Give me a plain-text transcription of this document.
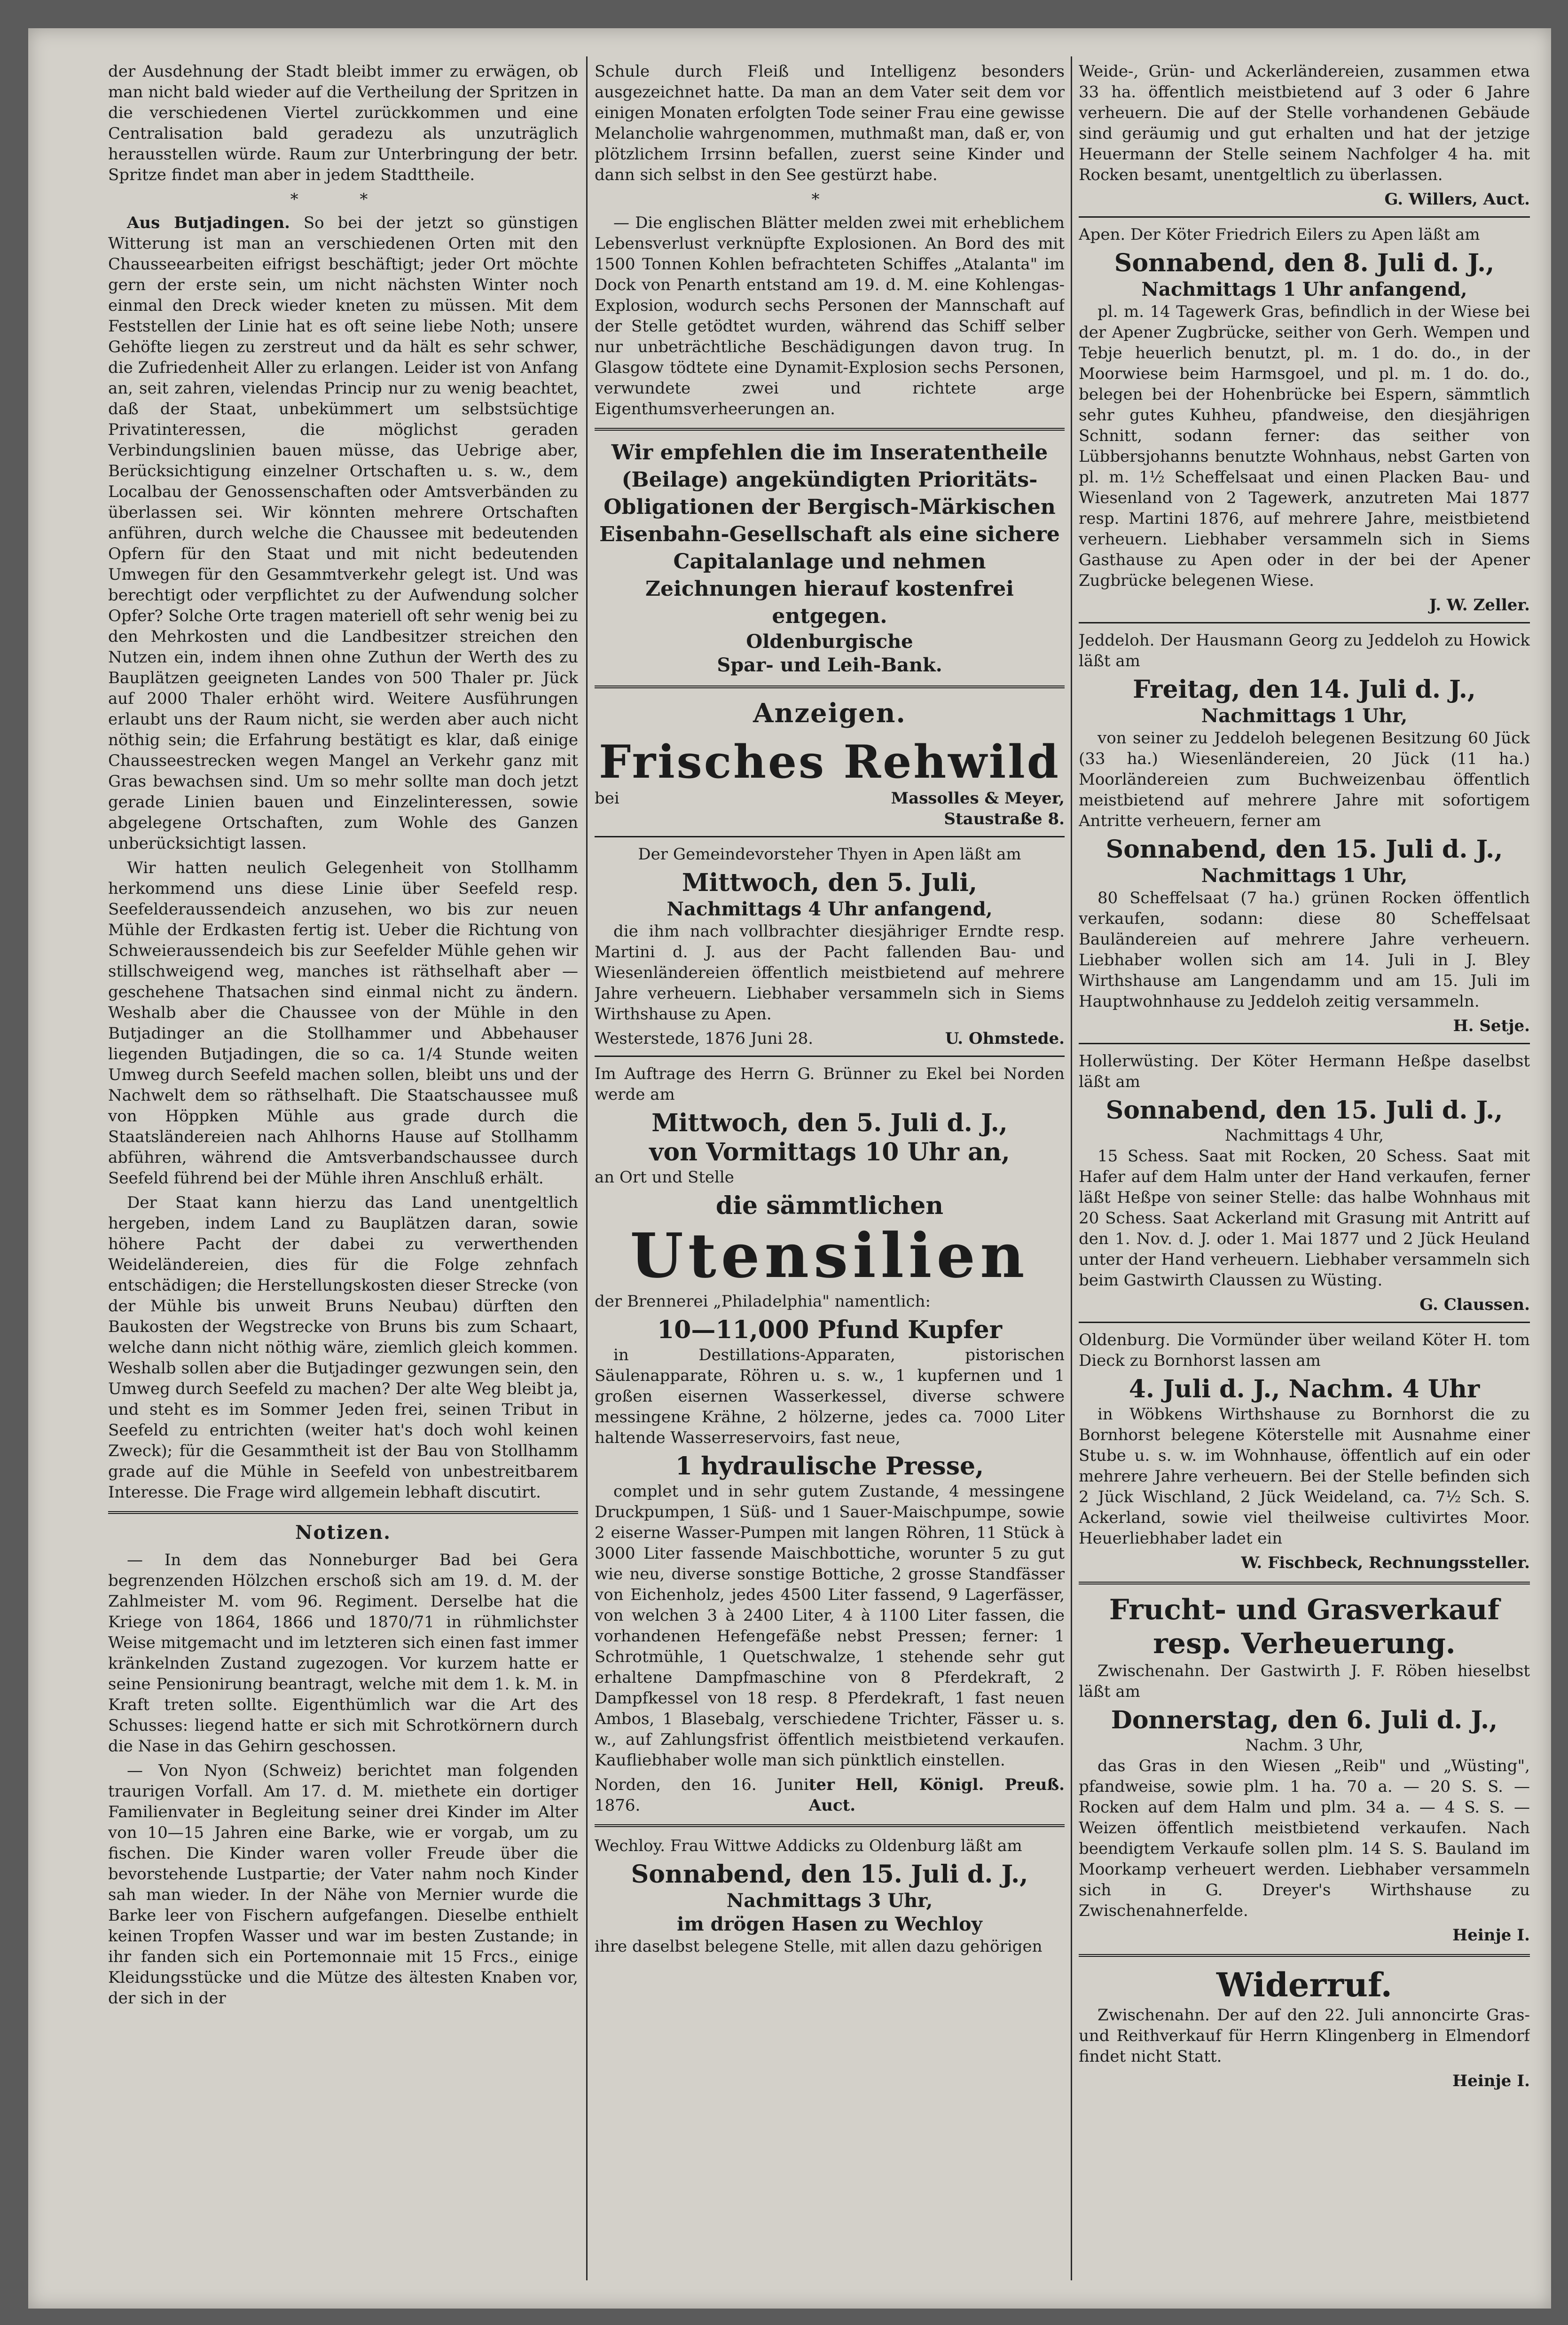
der Ausdehnung der Stadt bleibt immer zu erwägen, ob man nicht bald wieder auf die Vertheilung der Spritzen in die verschiedenen Viertel zurückkommen und eine Centralisation bald geradezu als unzuträglich herausstellen würde. Raum zur Unterbringung der betr. Spritze findet man aber in jedem Stadttheile.

* *

Aus Butjadingen. So bei der jetzt so günstigen Witterung ist man an verschiedenen Orten mit den Chausseearbeiten eifrigst beschäftigt; jeder Ort möchte gern der erste sein, um nicht nächsten Winter noch einmal den Dreck wieder kneten zu müssen. Mit dem Feststellen der Linie hat es oft seine liebe Noth; unsere Gehöfte liegen zu zerstreut und da hält es sehr schwer, die Zufriedenheit Aller zu erlangen. Leider ist von Anfang an, seit zahren, vielendas Princip nur zu wenig beachtet, daß der Staat, unbekümmert um selbstsüchtige Privatinteressen, die möglichst geraden Verbindungslinien bauen müsse, das Uebrige aber, Berücksichtigung einzelner Ortschaften u. s. w., dem Localbau der Genossenschaften oder Amtsverbänden zu überlassen sei. Wir könnten mehrere Ortschaften anführen, durch welche die Chaussee mit bedeutenden Opfern für den Staat und mit nicht bedeutenden Umwegen für den Gesammtverkehr gelegt ist. Und was berechtigt oder verpflichtet zu der Aufwendung solcher Opfer? Solche Orte tragen materiell oft sehr wenig bei zu den Mehrkosten und die Landbesitzer streichen den Nutzen ein, indem ihnen ohne Zuthun der Werth des zu Bauplätzen geeigneten Landes von 500 Thaler pr. Jück auf 2000 Thaler erhöht wird. Weitere Ausführungen erlaubt uns der Raum nicht, sie werden aber auch nicht nöthig sein; die Erfahrung bestätigt es klar, daß einige Chausseestrecken wegen Mangel an Verkehr ganz mit Gras bewachsen sind. Um so mehr sollte man doch jetzt gerade Linien bauen und Einzelinteressen, sowie abgelegene Ortschaften, zum Wohle des Ganzen unberücksichtigt lassen.

Wir hatten neulich Gelegenheit von Stollhamm herkommend uns diese Linie über Seefeld resp. Seefelderaussendeich anzusehen, wo bis zur neuen Mühle der Erdkasten fertig ist. Ueber die Richtung von Schweieraussendeich bis zur Seefelder Mühle gehen wir stillschweigend weg, manches ist räthselhaft aber — geschehene Thatsachen sind einmal nicht zu ändern. Weshalb aber die Chaussee von der Mühle in den Butjadinger an die Stollhammer und Abbehauser liegenden Butjadingen, die so ca. 1/4 Stunde weiten Umweg durch Seefeld machen sollen, bleibt uns und der Nachwelt dem so räthselhaft. Die Staatschaussee muß von Höppken Mühle aus grade durch die Staatsländereien nach Ahlhorns Hause auf Stollhamm abführen, während die Amtsverbandschaussee durch Seefeld führend bei der Mühle ihren Anschluß erhält.

Der Staat kann hierzu das Land unentgeltlich hergeben, indem Land zu Bauplätzen daran, sowie höhere Pacht der dabei zu verwerthenden Weideländereien, dies für die Folge zehnfach entschädigen; die Herstellungskosten dieser Strecke (von der Mühle bis unweit Bruns Neubau) dürften den Baukosten der Wegstrecke von Bruns bis zum Schaart, welche dann nicht nöthig wäre, ziemlich gleich kommen. Weshalb sollen aber die Butjadinger gezwungen sein, den Umweg durch Seefeld zu machen? Der alte Weg bleibt ja, und steht es im Sommer Jeden frei, seinen Tribut in Seefeld zu entrichten (weiter hat's doch wohl keinen Zweck); für die Gesammtheit ist der Bau von Stollhamm grade auf die Mühle in Seefeld von unbestreitbarem Interesse. Die Frage wird allgemein lebhaft discutirt.

Notizen.

— In dem das Nonneburger Bad bei Gera begrenzenden Hölzchen erschoß sich am 19. d. M. der Zahlmeister M. vom 96. Regiment. Derselbe hat die Kriege von 1864, 1866 und 1870/71 in rühmlichster Weise mitgemacht und im letzteren sich einen fast immer kränkelnden Zustand zugezogen. Vor kurzem hatte er seine Pensionirung beantragt, welche mit dem 1. k. M. in Kraft treten sollte. Eigenthümlich war die Art des Schusses: liegend hatte er sich mit Schrotkörnern durch die Nase in das Gehirn geschossen.

— Von Nyon (Schweiz) berichtet man folgenden traurigen Vorfall. Am 17. d. M. miethete ein dortiger Familienvater in Begleitung seiner drei Kinder im Alter von 10—15 Jahren eine Barke, wie er vorgab, um zu fischen. Die Kinder waren voller Freude über die bevorstehende Lustpartie; der Vater nahm noch Kinder sah man wieder. In der Nähe von Mernier wurde die Barke leer von Fischern aufgefangen. Dieselbe enthielt keinen Tropfen Wasser und war im besten Zustande; in ihr fanden sich ein Portemonnaie mit 15 Frcs., einige Kleidungsstücke und die Mütze des ältesten Knaben vor, der sich in der

Schule durch Fleiß und Intelligenz besonders ausgezeichnet hatte. Da man an dem Vater seit dem vor einigen Monaten erfolgten Tode seiner Frau eine gewisse Melancholie wahrgenommen, muthmaßt man, daß er, von plötzlichem Irrsinn befallen, zuerst seine Kinder und dann sich selbst in den See gestürzt habe.

*

— Die englischen Blätter melden zwei mit erheblichem Lebensverlust verknüpfte Explosionen. An Bord des mit 1500 Tonnen Kohlen befrachteten Schiffes „Atalanta" im Dock von Penarth entstand am 19. d. M. eine Kohlengas-Explosion, wodurch sechs Personen der Mannschaft auf der Stelle getödtet wurden, während das Schiff selber nur unbeträchtliche Beschädigungen davon trug. In Glasgow tödtete eine Dynamit-Explosion sechs Personen, verwundete zwei und richtete arge Eigenthumsverheerungen an.

Wir empfehlen die im Inseratentheile (Beilage) angekündigten Prioritäts-Obligationen der Bergisch-Märkischen Eisenbahn-Gesellschaft als eine sichere Capitalanlage und nehmen Zeichnungen hierauf kostenfrei entgegen.
Oldenburgische
Spar- und Leih-Bank.
Anzeigen.
Frisches Rehwild
bei	Massolles & Meyer,

Staustraße 8.

Der Gemeindevorsteher Thyen in Apen läßt am

Mittwoch, den 5. Juli,
Nachmittags 4 Uhr anfangend,

die ihm nach vollbrachter diesjähriger Erndte resp. Martini d. J. aus der Pacht fallenden Bau- und Wiesenländereien öffentlich meistbietend auf mehrere Jahre verheuern. Liebhaber versammeln sich in Siems Wirthshause zu Apen.

Westerstede, 1876 Juni 28.	U. Ohmstede.

Im Auftrage des Herrn G. Brünner zu Ekel bei Norden werde am

Mittwoch, den 5. Juli d. J.,
von Vormittags 10 Uhr an,

an Ort und Stelle

die sämmtlichen
Utensilien

der Brennerei „Philadelphia" namentlich:

10—11,000 Pfund Kupfer

in Destillations-Apparaten, pistorischen Säulenapparate, Röhren u. s. w., 1 kupfernen und 1 großen eisernen Wasserkessel, diverse schwere messingene Krähne, 2 hölzerne, jedes ca. 7000 Liter haltende Wasserreservoirs, fast neue,

1 hydraulische Presse,

complet und in sehr gutem Zustande, 4 messingene Druckpumpen, 1 Süß- und 1 Sauer-Maischpumpe, sowie 2 eiserne Wasser-Pumpen mit langen Röhren, 11 Stück à 3000 Liter fassende Maischbottiche, worunter 5 zu gut wie neu, diverse sonstige Bottiche, 2 grosse Standfässer von Eichenholz, jedes 4500 Liter fassend, 9 Lagerfässer, von welchen 3 à 2400 Liter, 4 à 1100 Liter fassen, die vorhandenen Hefengefäße nebst Pressen; ferner: 1 Schrotmühle, 1 Quetschwalze, 1 stehende sehr gut erhaltene Dampfmaschine von 8 Pferdekraft, 2 Dampfkessel von 18 resp. 8 Pferdekraft, 1 fast neuen Ambos, 1 Blasebalg, verschiedene Trichter, Fässer u. s. w., auf Zahlungsfrist öffentlich meistbietend verkaufen. Kaufliebhaber wolle man sich pünktlich einstellen.

Norden, den 16. Juni 1876.
ter Hell, Königl. Preuß. Auct.

Wechloy. Frau Wittwe Addicks zu Oldenburg läßt am

Sonnabend, den 15. Juli d. J.,
Nachmittags 3 Uhr,
im drögen Hasen zu Wechloy

ihre daselbst belegene Stelle, mit allen dazu gehörigen

Weide-, Grün- und Ackerländereien, zusammen etwa 33 ha. öffentlich meistbietend auf 3 oder 6 Jahre verheuern. Die auf der Stelle vorhandenen Gebäude sind geräumig und gut erhalten und hat der jetzige Heuermann der Stelle seinem Nachfolger 4 ha. mit Rocken besamt, unentgeltlich zu überlassen.

G. Willers, Auct.

Apen. Der Köter Friedrich Eilers zu Apen läßt am

Sonnabend, den 8. Juli d. J.,
Nachmittags 1 Uhr anfangend,

pl. m. 14 Tagewerk Gras, befindlich in der Wiese bei der Apener Zugbrücke, seither von Gerh. Wempen und Tebje heuerlich benutzt, pl. m. 1 do. do., in der Moorwiese beim Harmsgoel, und pl. m. 1 do. do., belegen bei der Hohenbrücke bei Espern, sämmtlich sehr gutes Kuhheu, pfandweise, den diesjährigen Schnitt, sodann ferner: das seither von Lübbersjohanns benutzte Wohnhaus, nebst Garten von pl. m. 1½ Scheffelsaat und einen Placken Bau- und Wiesenland von 2 Tagewerk, anzutreten Mai 1877 resp. Martini 1876, auf mehrere Jahre, meistbietend verheuern. Liebhaber versammeln sich in Siems Gasthause zu Apen oder in der bei der Apener Zugbrücke belegenen Wiese.

J. W. Zeller.

Jeddeloh. Der Hausmann Georg zu Jeddeloh zu Howick läßt am

Freitag, den 14. Juli d. J.,
Nachmittags 1 Uhr,

von seiner zu Jeddeloh belegenen Besitzung 60 Jück (33 ha.) Wiesenländereien, 20 Jück (11 ha.) Moorländereien zum Buchweizenbau öffentlich meistbietend auf mehrere Jahre mit sofortigem Antritte verheuern, ferner am

Sonnabend, den 15. Juli d. J.,
Nachmittags 1 Uhr,

80 Scheffelsaat (7 ha.) grünen Rocken öffentlich verkaufen, sodann: diese 80 Scheffelsaat Bauländereien auf mehrere Jahre verheuern. Liebhaber wollen sich am 14. Juli in J. Bley Wirthshause am Langendamm und am 15. Juli im Hauptwohnhause zu Jeddeloh zeitig versammeln.

H. Setje.

Hollerwüsting. Der Köter Hermann Heßpe daselbst läßt am

Sonnabend, den 15. Juli d. J.,
Nachmittags 4 Uhr,

15 Schess. Saat mit Rocken, 20 Schess. Saat mit Hafer auf dem Halm unter der Hand verkaufen, ferner läßt Heßpe von seiner Stelle: das halbe Wohnhaus mit 20 Schess. Saat Ackerland mit Grasung mit Antritt auf den 1. Nov. d. J. oder 1. Mai 1877 und 2 Jück Heuland unter der Hand verheuern. Liebhaber versammeln sich beim Gastwirth Claussen zu Wüsting.

G. Claussen.

Oldenburg. Die Vormünder über weiland Köter H. tom Dieck zu Bornhorst lassen am

4. Juli d. J., Nachm. 4 Uhr

in Wöbkens Wirthshause zu Bornhorst die zu Bornhorst belegene Köterstelle mit Ausnahme einer Stube u. s. w. im Wohnhause, öffentlich auf ein oder mehrere Jahre verheuern. Bei der Stelle befinden sich 2 Jück Wischland, 2 Jück Weideland, ca. 7½ Sch. S. Ackerland, sowie viel theilweise cultivirtes Moor. Heuerliebhaber ladet ein

W. Fischbeck, Rechnungssteller.

Frucht- und Grasverkauf
resp. Verheuerung.

Zwischenahn. Der Gastwirth J. F. Röben hieselbst läßt am

Donnerstag, den 6. Juli d. J.,
Nachm. 3 Uhr,

das Gras in den Wiesen „Reib" und „Wüsting", pfandweise, sowie plm. 1 ha. 70 a. — 20 S. S. — Rocken auf dem Halm und plm. 34 a. — 4 S. S. — Weizen öffentlich meistbietend verkaufen. Nach beendigtem Verkaufe sollen plm. 14 S. S. Bauland im Moorkamp verheuert werden. Liebhaber versammeln sich in G. Dreyer's Wirthshause zu Zwischenahnerfelde.

Heinje I.

Widerruf.

Zwischenahn. Der auf den 22. Juli annoncirte Gras- und Reithverkauf für Herrn Klingenberg in Elmendorf findet nicht Statt.

Heinje I.
